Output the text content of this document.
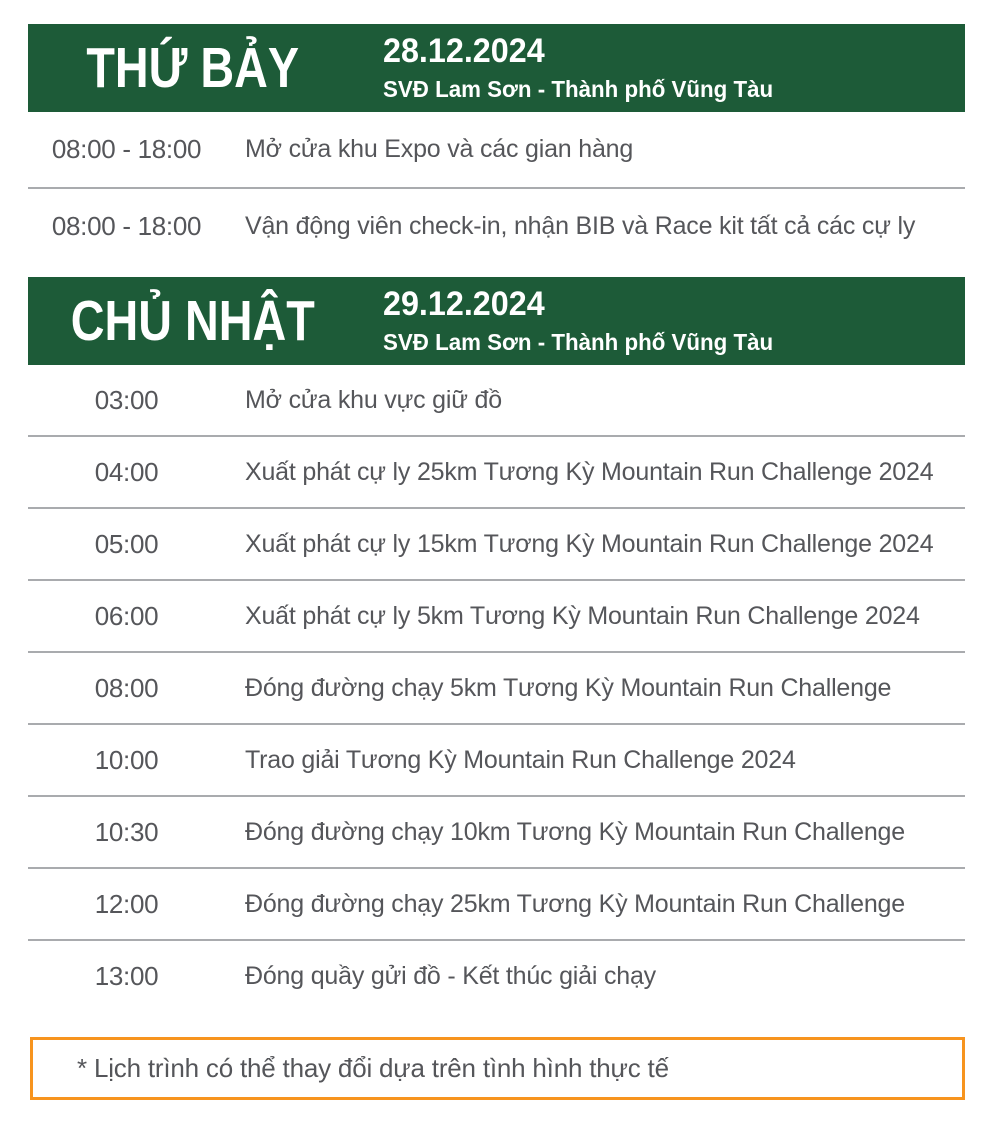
THỨ BẢY	28.12.2024
SVĐ Lam Sơn - Thành phố Vũng Tàu
08:00 - 18:00	Mở cửa khu Expo và các gian hàng
08:00 - 18:00	Vận động viên check-in, nhận BIB và Race kit tất cả các cự ly
CHỦ NHẬT	29.12.2024
SVĐ Lam Sơn - Thành phố Vũng Tàu
03:00	Mở cửa khu vực giữ đồ
04:00	Xuất phát cự ly 25km Tương Kỳ Mountain Run Challenge 2024
05:00	Xuất phát cự ly 15km Tương Kỳ Mountain Run Challenge 2024
06:00	Xuất phát cự ly 5km Tương Kỳ Mountain Run Challenge 2024
08:00	Đóng đường chạy 5km Tương Kỳ Mountain Run Challenge
10:00	Trao giải Tương Kỳ Mountain Run Challenge 2024
10:30	Đóng đường chạy 10km Tương Kỳ Mountain Run Challenge
12:00	Đóng đường chạy 25km Tương Kỳ Mountain Run Challenge
13:00	Đóng quầy gửi đồ - Kết thúc giải chạy
* Lịch trình có thể thay đổi dựa trên tình hình thực tế
